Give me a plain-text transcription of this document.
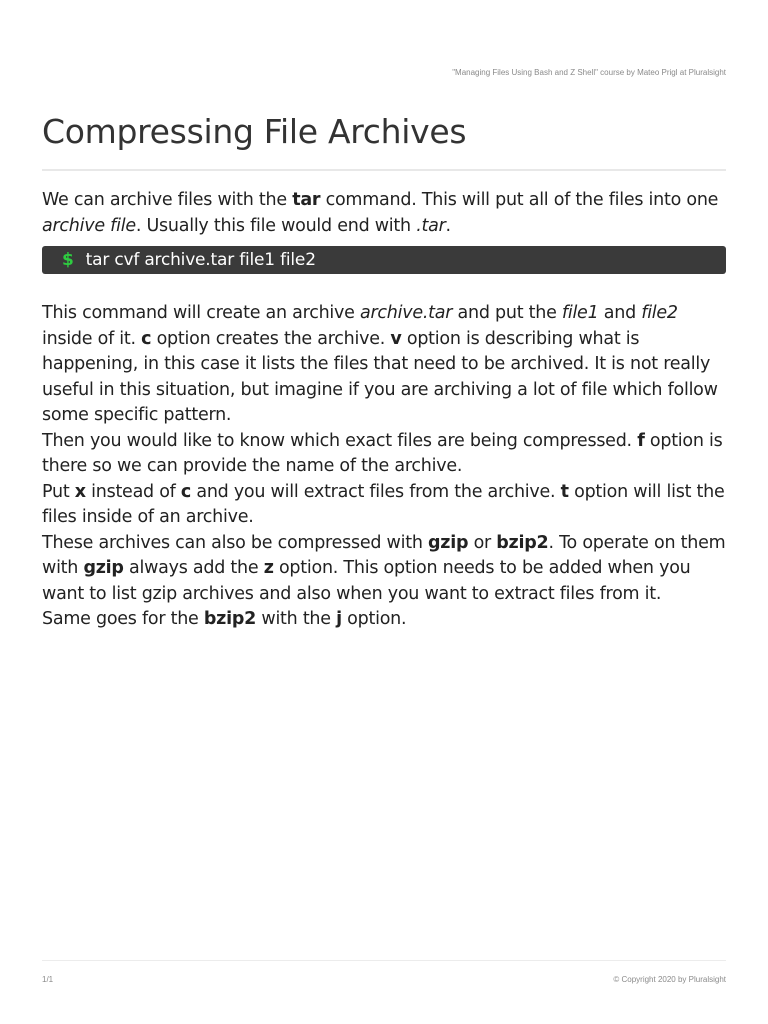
"Managing Files Using Bash and Z Shell" course by Mateo Prigl at Pluralsight
Compressing File Archives
We can archive files with the tar command. This will put all of the files into one archive file. Usually this file would end with .tar.
$ tar cvf archive.tar file1 file2

This command will create an archive archive.tar and put the file1 and file2 inside of it. c option creates the archive. v option is describing what is happening, in this case it lists the files that need to be archived. It is not really useful in this situation, but imagine if you are archiving a lot of file which follow some specific pattern.

Then you would like to know which exact files are being compressed. f option is there so we can provide the name of the archive.

Put x instead of c and you will extract files from the archive. t option will list the files inside of an archive.

These archives can also be compressed with gzip or bzip2. To operate on them with gzip always add the z option. This option needs to be added when you want to list gzip archives and also when you want to extract files from it.

Same goes for the bzip2 with the j option.

1/1	© Copyright 2020 by Pluralsight
